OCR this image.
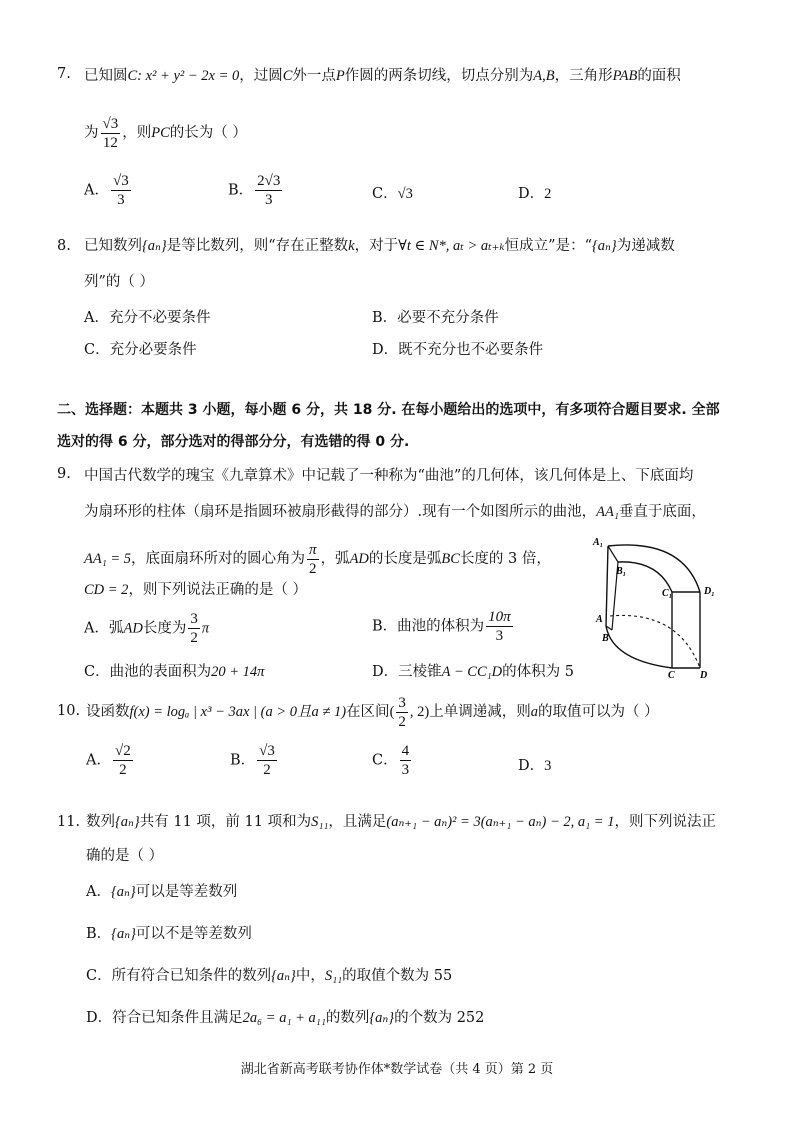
7. 已知圆C: x² + y² − 2x = 0，过圆C外一点P作圆的两条切线，切点分别为A,B，三角形PAB的面积
为 $\frac{√3}{12}$ ，则PC的长为（ ）
A． $\frac{√3}{3}$	B． $\frac{2√3}{3}$	C．√3	D．2
8. 已知数列{aₙ}是等比数列，则“存在正整数k，对于∀t ∈ N*, aₜ > aₜ₊ₖ恒成立”是：“{aₙ}为递减数
列”的（ ）
A．充分不必要条件	B．必要不充分条件
C．充分必要条件	D．既不充分也不必要条件
二、选择题：本题共 3 小题，每小题 6 分，共 18 分. 在每小题给出的选项中，有多项符合题目要求. 全部
选对的得 6 分，部分选对的得部分分，有选错的得 0 分.
9. 中国古代数学的瑰宝《九章算术》中记载了一种称为“曲池”的几何体，该几何体是上、下底面均
为扇环形的柱体（扇环是指圆环被扇形截得的部分）.现有一个如图所示的曲池，AA₁垂直于底面，
AA₁ = 5，底面扇环所对的圆心角为 $\frac{\pi}{2}$ ，弧AD的长度是弧BC长度的 3 倍，
CD = 2，则下列说法正确的是（ ）
A．弧AD长度为 $\frac{3}{2}$ π	B．曲池的体积为 $\frac{10\pi}{3}$
C．曲池的表面积为20 + 14π	D．三棱锥A − CC₁D的体积为 5
A₁
B₁
C₁	D₁
A
B
C	D
10. 设函数f(x) = logₐ | x³ − 3ax | (a > 0且a ≠ 1)在区间( $\frac{3}{2}$ , 2)上单调递减，则a的取值可以为（ ）
A． $\frac{√2}{2}$	B． $\frac{√3}{2}$	C． $\frac{4}{3}$	D．3
11. 数列{aₙ}共有 11 项，前 11 项和为S₁₁，且满足(aₙ₊₁ − aₙ)² = 3(aₙ₊₁ − aₙ) − 2, a₁ = 1，则下列说法正
确的是（ ）
A．{aₙ}可以是等差数列
B．{aₙ}可以不是等差数列
C．所有符合已知条件的数列{aₙ}中，S₁₁的取值个数为 55
D．符合已知条件且满足2a₆ = a₁ + a₁₁的数列{aₙ}的个数为 252
湖北省新高考联考协作体*数学试卷（共 4 页）第 2 页
